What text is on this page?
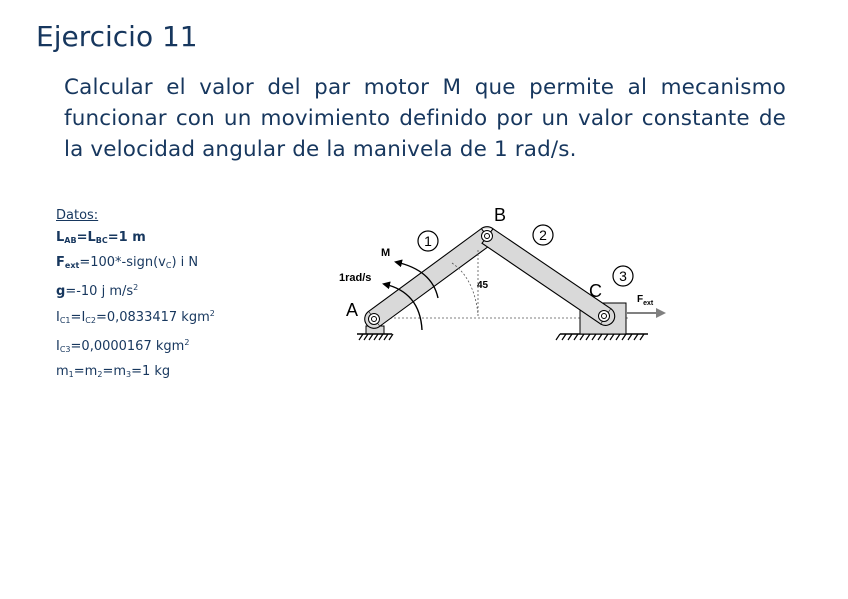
Ejercicio 11
Calcular el valor del par motor M que permite al mecanismo funcionar con un movimiento definido por un valor constante de la velocidad angular de la manivela de 1 rad/s.
Datos:
$L_{AB}=L_{BC}=1$ m
$F_{ext}=100*-sign(v_C)$ i N
g=-10 j $m/s^2$
$I_{C1}=I_{C2}=0,0833417$ kgm$^2$
$I_{C3}=0,0000167$ kgm$^2$
$m_1=m_2=m_3=1$ kg
1	2
3
A
B
C
M
1rad/s
45
$F_{ext}$
